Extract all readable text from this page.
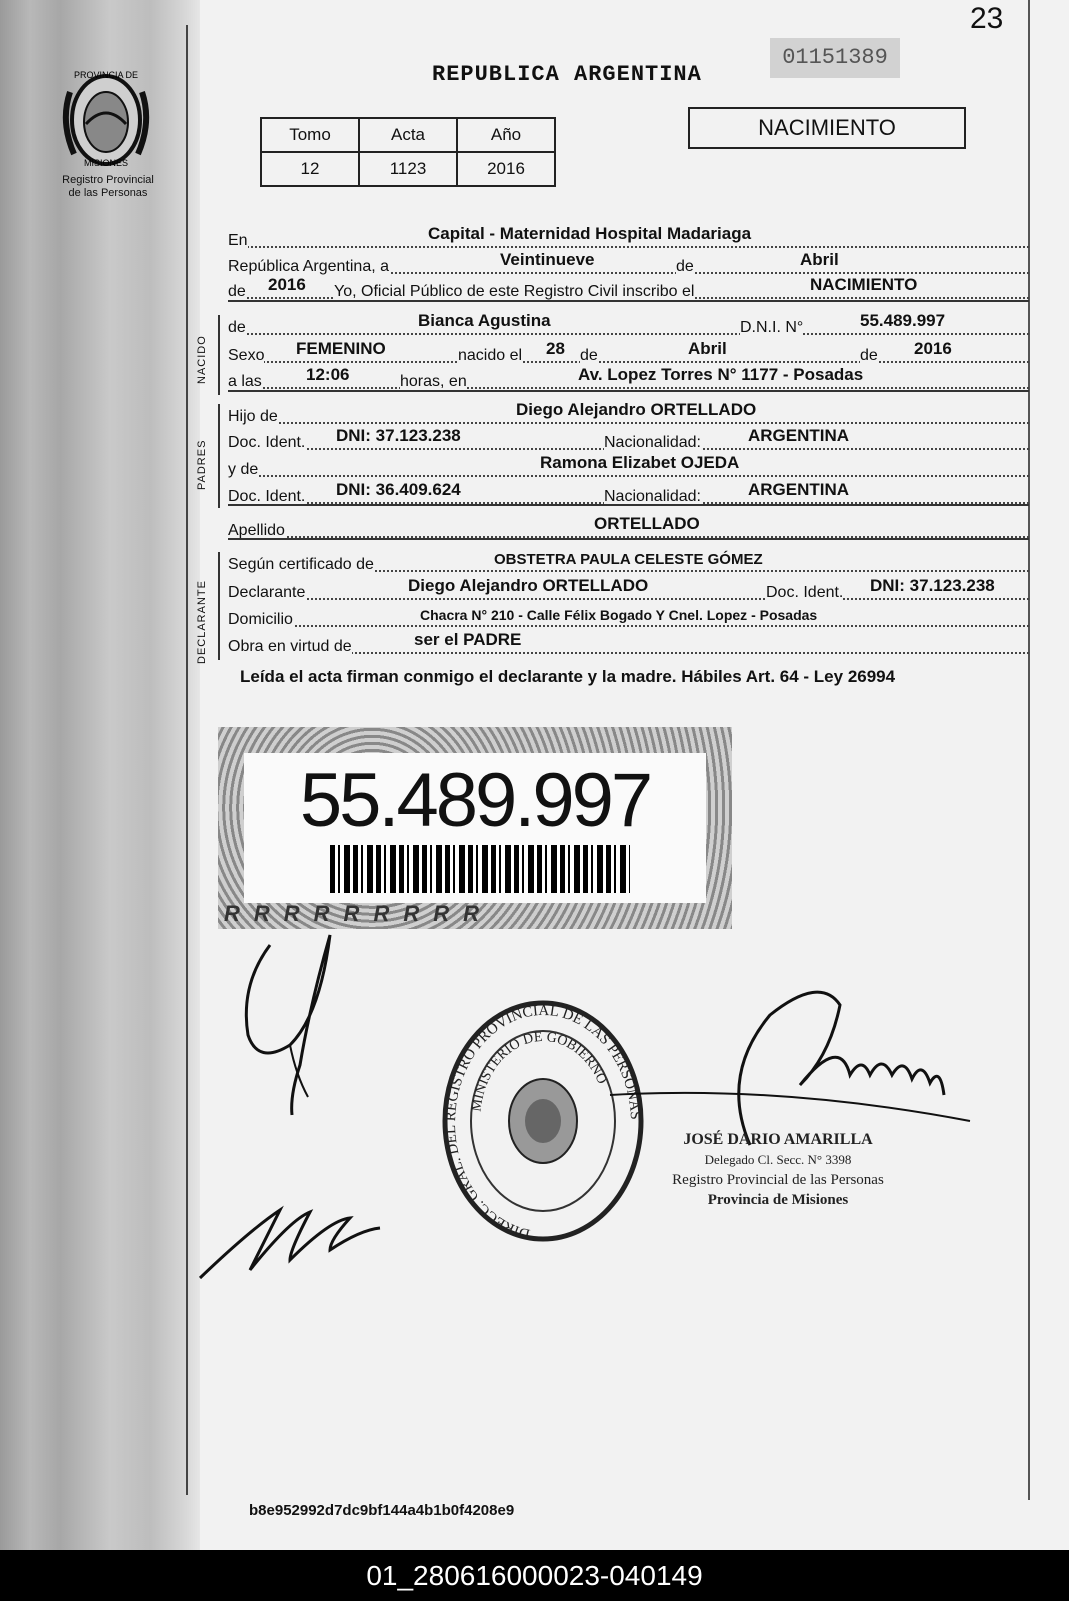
23
PROVINCIA DE
MISIONES
Registro Provincial
de las Personas
REPUBLICA ARGENTINA
01151389
Tomo	Acta	Año
12	1123	2016
NACIMIENTO
En	Capital - Maternidad Hospital Madariaga
República Argentina, a	Veintinueve	de	Abril
de 2016 Yo, Oficial Público de este Registro Civil inscribo el	NACIMIENTO
NACIDO
de	Bianca Agustina	D.N.I. N°	55.489.997
Sexo FEMENINO	nacido el 28 de	Abril	de 2016
a las	12:06	horas, en	Av. Lopez Torres N° 1177 - Posadas
PADRES
Hijo de	Diego Alejandro ORTELLADO
Doc. Ident. DNI: 37.123.238	Nacionalidad:	ARGENTINA
y de	Ramona Elizabet OJEDA
Doc. Ident. DNI: 36.409.624	Nacionalidad:	ARGENTINA
Apellido	ORTELLADO
DECLARANTE
Según certificado de	OBSTETRA PAULA CELESTE GÓMEZ
Declarante	Diego Alejandro ORTELLADO	Doc. Ident. DNI: 37.123.238
Domicilio	Chacra N° 210 - Calle Félix Bogado Y Cnel. Lopez - Posadas
Obra en virtud de	ser el PADRE
Leída el acta firman conmigo el declarante y la madre. Hábiles Art. 64 - Ley 26994
55.489.997
RRRRRRRRR
DIRECC. GRAL. DEL REGISTRO PROVINCIAL DE LAS PERSONAS
MINISTERIO DE GOBIERNO
JOSÉ DARIO AMARILLA
Delegado Cl. Secc. N° 3398
Registro Provincial de las Personas
Provincia de Misiones
b8e952992d7dc9bf144a4b1b0f4208e9
01_280616000023-040149
